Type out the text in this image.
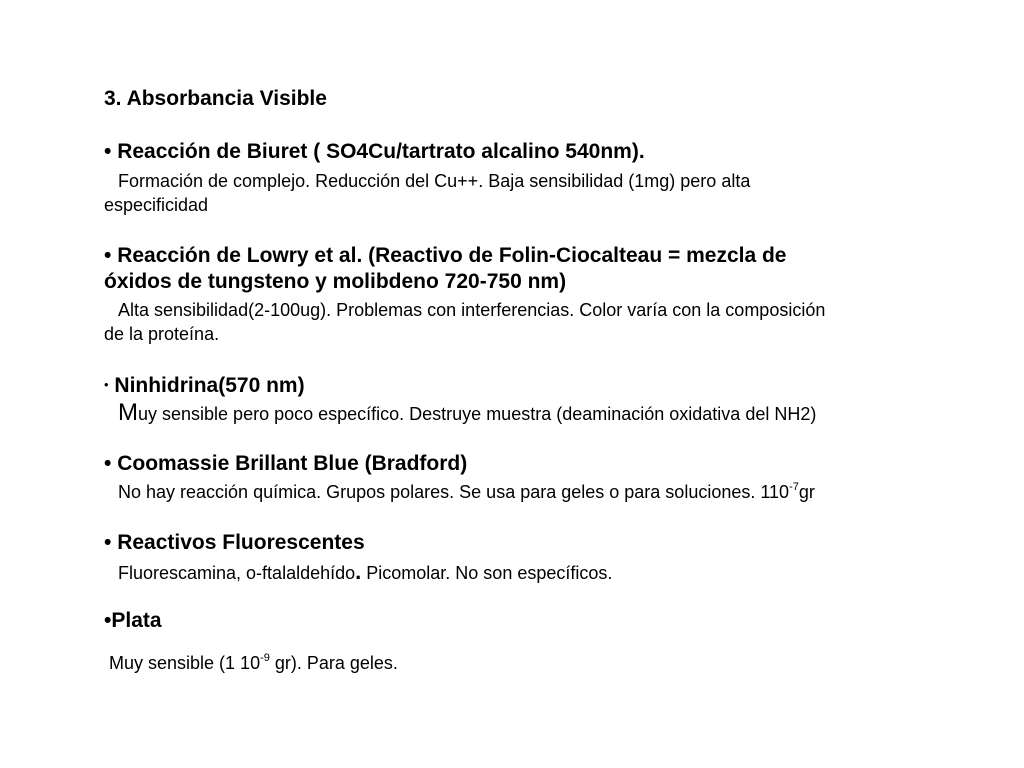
3. Absorbancia Visible
• Reacción de Biuret ( SO4Cu/tartrato alcalino 540nm).
Formación de complejo. Reducción del Cu++. Baja sensibilidad (1mg) pero alta
especificidad
• Reacción de Lowry et al. (Reactivo de Folin-Ciocalteau = mezcla de
óxidos de tungsteno y molibdeno 720-750 nm)
Alta sensibilidad(2-100ug). Problemas con interferencias. Color varía con la composición
de la proteína.
• Ninhidrina(570 nm)
Muy sensible pero poco específico. Destruye muestra (deaminación oxidativa del NH2)
• Coomassie Brillant Blue (Bradford)
No hay reacción química. Grupos polares. Se usa para geles o para soluciones. $110^{-7}gr$
• Reactivos Fluorescentes
Fluorescamina, o-ftalaldehído. Picomolar. No son específicos.
•Plata
Muy sensible (1 $10^{-9}$ gr). Para geles.
